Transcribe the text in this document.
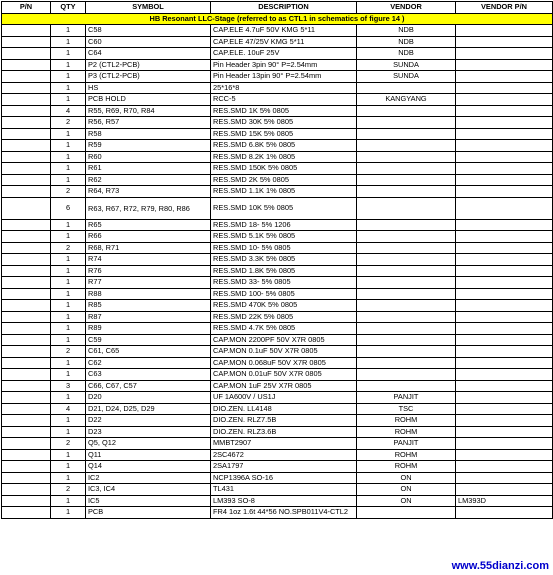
P/N	QTY	SYMBOL	DESCRIPTION	VENDOR	VENDOR P/N
HB Resonant LLC-Stage (referred to as CTL1 in schematics of figure 14 )					
	1	C58	CAP.ELE 4.7uF 50V KMG 5*11	NDB	
	1	C60	CAP.ELE 47/25V KMG 5*11	NDB	
	1	C64	CAP.ELE. 10uF 25V	NDB	
	1	P2 (CTL2-PCB)	Pin Header 3pin 90° P=2.54mm	SUNDA	
	1	P3 (CTL2-PCB)	Pin Header 13pin 90° P=2.54mm	SUNDA	
	1	HS	25*16*8		
	1	PCB HOLD	RCC-5	KANGYANG	
	4	R55, R69, R70, R84	RES.SMD 1K 5% 0805		
	2	R56, R57	RES.SMD 30K 5% 0805		
	1	R58	RES.SMD 15K 5% 0805		
	1	R59	RES.SMD 6.8K 5% 0805		
	1	R60	RES.SMD 8.2K 1% 0805		
	1	R61	RES.SMD 150K 5% 0805		
	1	R62	RES.SMD 2K 5% 0805		
	2	R64, R73	RES.SMD 1.1K 1% 0805		
	6	R63, R67, R72, R79, R80, R86	RES.SMD 10K 5% 0805		
	1	R65	RES.SMD 18- 5% 1206		
	1	R66	RES.SMD 5.1K 5% 0805		
	2	R68, R71	RES.SMD 10- 5% 0805		
	1	R74	RES.SMD 3.3K 5% 0805		
	1	R76	RES.SMD 1.8K 5% 0805		
	1	R77	RES.SMD 33- 5% 0805		
	1	R88	RES.SMD 100- 5% 0805		
	1	R85	RES.SMD 470K 5% 0805		
	1	R87	RES.SMD 22K 5% 0805		
	1	R89	RES.SMD 4.7K 5% 0805		
	1	C59	CAP.MON 2200PF 50V X7R 0805		
	2	C61, C65	CAP.MON 0.1uF 50V X7R 0805		
	1	C62	CAP.MON 0.068uF 50V X7R 0805		
	1	C63	CAP.MON 0.01uF 50V X7R 0805		
	3	C66, C67, C57	CAP.MON 1uF 25V X7R 0805		
	1	D20	UF 1A600V / US1J	PANJIT	
	4	D21, D24, D25, D29	DIO.ZEN. LL4148	TSC	
	1	D22	DIO.ZEN. RLZ7.5B	ROHM	
	1	D23	DIO.ZEN. RLZ3.6B	ROHM	
	2	Q5, Q12	MMBT2907	PANJIT	
	1	Q11	2SC4672	ROHM	
	1	Q14	2SA1797	ROHM	
	1	IC2	NCP1396A SO-16	ON	
	2	IC3, IC4	TL431	ON	
	1	IC5	LM393 SO-8	ON	LM393D
	1	PCB	FR4 1oz 1.6t 44*56 NO.SPB011V4-CTL2		
www.55dianzi.com
